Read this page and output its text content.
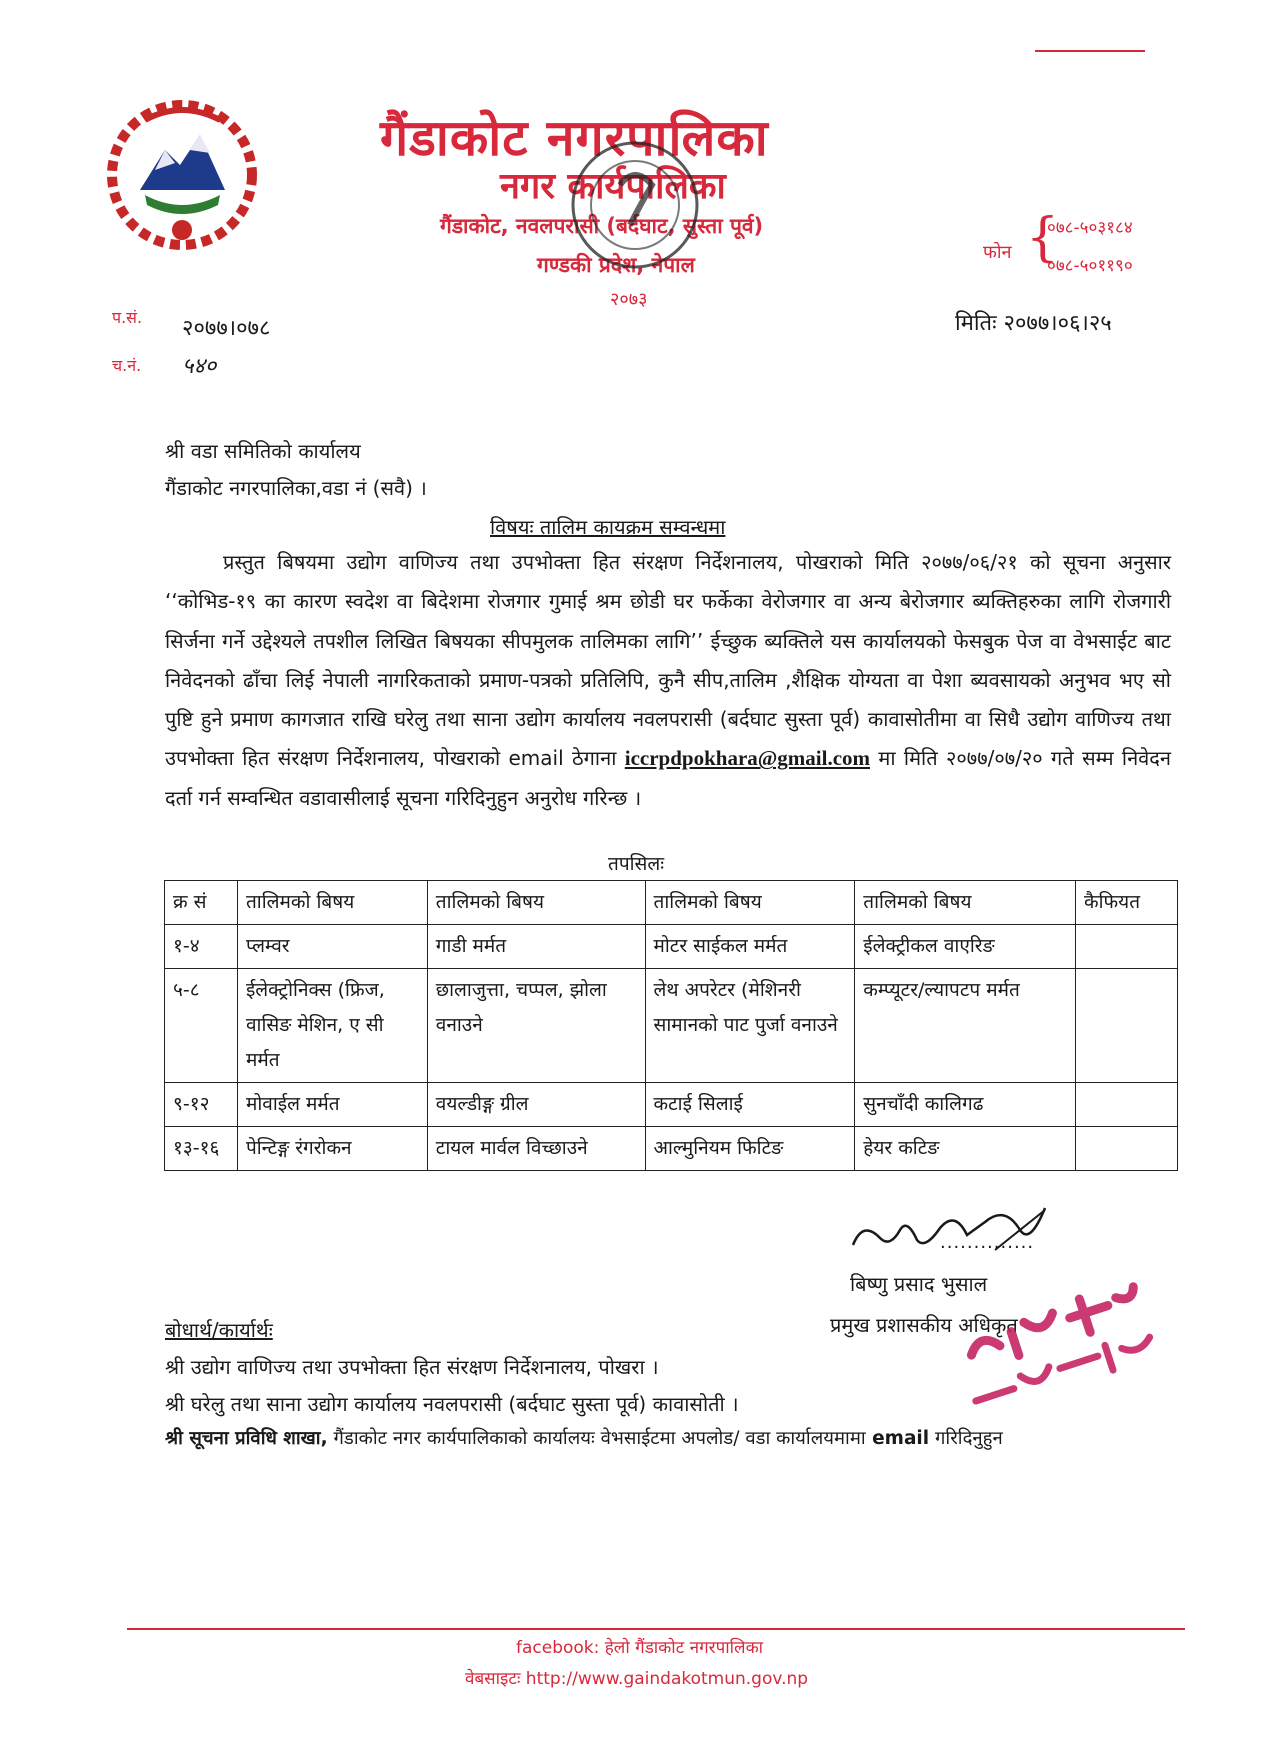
गैंडाकोट नगरपालिका
नगर कार्यपालिका
गैंडाकोट, नवलपरासी (बर्दघाट, सुस्ता पूर्व)
गण्डकी प्रदेश, नेपाल
२०७३
फोन {
०७८-५०३१८४
०७८-५०११९०
प.सं. २०७७।०७८
च.नं. ५४०
मितिः २०७७।०६।२५
श्री वडा समितिको कार्यालय
गैंडाकोट नगरपालिका,वडा नं (सवै) ।
विषयः तालिम कायक्रम सम्वन्धमा
प्रस्तुत बिषयमा उद्योग वाणिज्य तथा उपभोक्ता हित संरक्षण निर्देशनालय, पोखराको मिति २०७७/०६/२१ को सूचना अनुसार ‘‘कोभिड-१९ का कारण स्वदेश वा बिदेशमा रोजगार गुमाई श्रम छोडी घर फर्केका वेरोजगार वा अन्य बेरोजगार ब्यक्तिहरुका लागि रोजगारी सिर्जना गर्ने उद्देश्यले तपशील लिखित बिषयका सीपमुलक तालिमका लागि’’ ईच्छुक ब्यक्तिले यस कार्यालयको फेसबुक पेज वा वेभसाईट बाट निवेदनको ढाँचा लिई नेपाली नागरिकताको प्रमाण-पत्रको प्रतिलिपि, कुनै सीप,तालिम ,शैक्षिक योग्यता वा पेशा ब्यवसायको अनुभव भए सो पुष्टि हुने प्रमाण कागजात राखि घरेलु तथा साना उद्योग कार्यालय नवलपरासी (बर्दघाट सुस्ता पूर्व) कावासोतीमा वा सिधै उद्योग वाणिज्य तथा उपभोक्ता हित संरक्षण निर्देशनालय, पोखराको email ठेगाना iccrpdpokhara@gmail.com मा मिति २०७७/०७/२० गते सम्म निवेदन दर्ता गर्न सम्वन्धित वडावासीलाई सूचना गरिदिनुहुन अनुरोध गरिन्छ ।
तपसिलः
क्र सं	तालिमको बिषय	तालिमको बिषय	तालिमको बिषय	तालिमको बिषय	कैफियत
१-४	प्लम्वर	गाडी मर्मत	मोटर साईकल मर्मत	ईलेक्ट्रीकल वाएरिङ	
५-८	ईलेक्ट्रोनिक्स (फ्रिज, वासिङ मेशिन, ए सी मर्मत	छालाजुत्ता, चप्पल, झोला वनाउने	लेथ अपरेटर (मेशिनरी सामानको पाट पुर्जा वनाउने	कम्प्यूटर/ल्यापटप मर्मत	
९-१२	मोवाईल मर्मत	वयल्डीङ्ग ग्रील	कटाई सिलाई	सुनचाँदी कालिगढ	
१३-१६	पेन्टिङ्ग रंगरोकन	टायल मार्वल विच्छाउने	आल्मुनियम फिटिङ	हेयर कटिङ	
..............
बिष्णु प्रसाद भुसाल
प्रमुख प्रशासकीय अधिकृत
बोधार्थ/कार्यार्थः
श्री उद्योग वाणिज्य तथा उपभोक्ता हित संरक्षण निर्देशनालय, पोखरा ।
श्री घरेलु तथा साना उद्योग कार्यालय नवलपरासी (बर्दघाट सुस्ता पूर्व) कावासोती ।
श्री सूचना प्रविधि शाखा, गैंडाकोट नगर कार्यपालिकाको कार्यालयः वेभसाईटमा अपलोड/ वडा कार्यालयमामा email गरिदिनुहुन
facebook: हेलो गैंडाकोट नगरपालिका
वेबसाइटः http://www.gaindakotmun.gov.np
